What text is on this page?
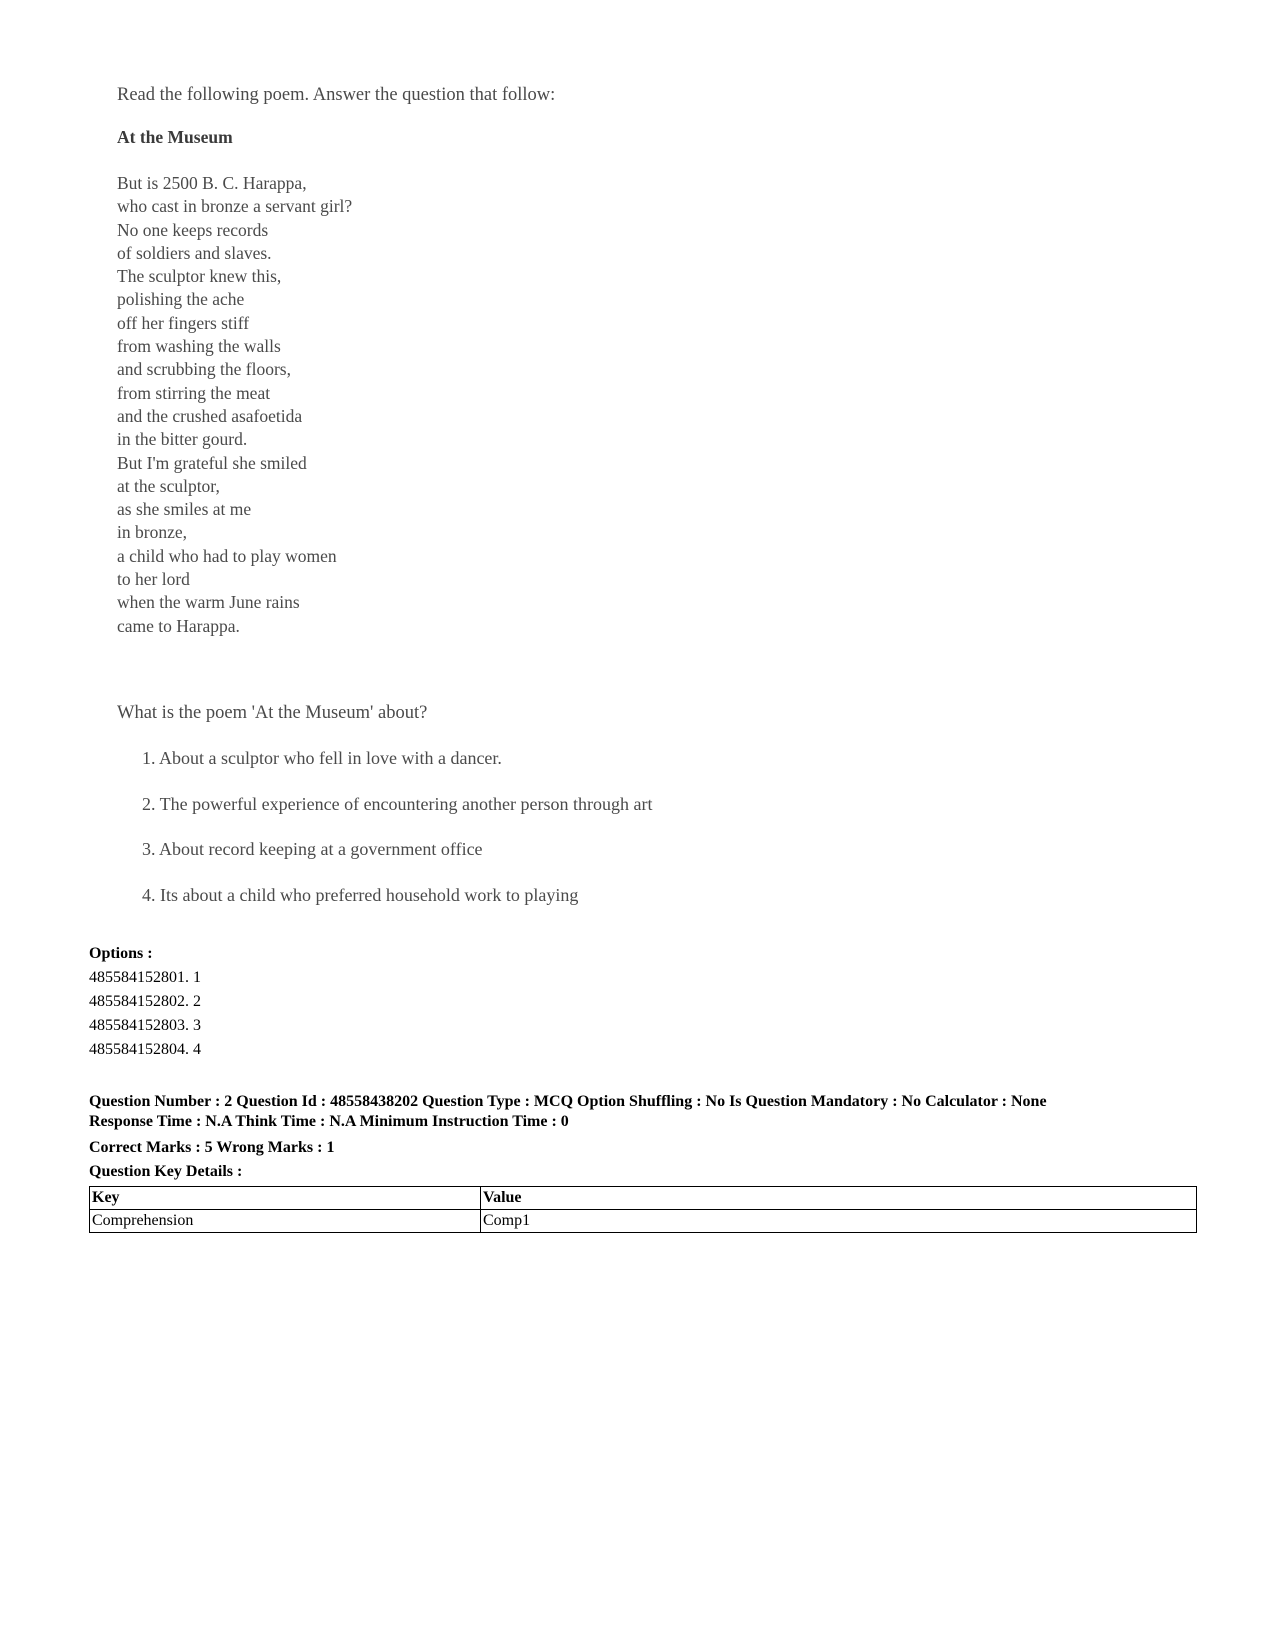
Read the following poem. Answer the question that follow:
At the Museum
But is 2500 B. C. Harappa,
who cast in bronze a servant girl?
No one keeps records
of soldiers and slaves.
The sculptor knew this,
polishing the ache
off her fingers stiff
from washing the walls
and scrubbing the floors,
from stirring the meat
and the crushed asafoetida
in the bitter gourd.
But I'm grateful she smiled
at the sculptor,
as she smiles at me
in bronze,
a child who had to play women
to her lord
when the warm June rains
came to Harappa.
What is the poem 'At the Museum' about?
1. About a sculptor who fell in love with a dancer.
2. The powerful experience of encountering another person through art
3. About record keeping at a government office
4. Its about a child who preferred household work to playing
Options :
485584152801. 1
485584152802. 2
485584152803. 3
485584152804. 4
Question Number : 2 Question Id : 48558438202 Question Type : MCQ Option Shuffling : No Is Question Mandatory : No Calculator : None
Response Time : N.A Think Time : N.A Minimum Instruction Time : 0
Correct Marks : 5 Wrong Marks : 1
Question Key Details :
Key	Value
Comprehension	Comp1
